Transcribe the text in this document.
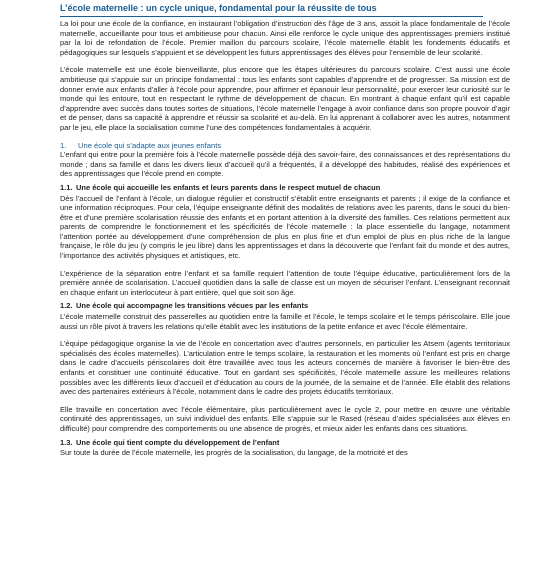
L’école maternelle : un cycle unique, fondamental pour la réussite de tous

La loi pour une école de la confiance, en instaurant l’obligation d’instruction dès l’âge de 3 ans, assoit la place fondamentale de l’école maternelle, accueillante pour tous et ambitieuse pour chacun. Ainsi elle renforce le cycle unique des apprentissages premiers institué par la loi de refondation de l’école. Premier maillon du parcours scolaire, l’école maternelle établit les fondements éducatifs et pédagogiques sur lesquels s’appuient et se développent les futurs apprentissages des élèves pour l’ensemble de leur scolarité.

L’école maternelle est une école bienveillante, plus encore que les étapes ultérieures du parcours scolaire. C’est aussi une école ambitieuse qui s’appuie sur un principe fondamental : tous les enfants sont capables d’apprendre et de progresser. Sa mission est de donner envie aux enfants d’aller à l’école pour apprendre, pour affirmer et épanouir leur personnalité, pour exercer leur curiosité sur le monde qui les entoure, tout en respectant le rythme de développement de chacun. En montrant à chaque enfant qu’il est capable d’apprendre avec succès dans toutes sortes de situations, l’école maternelle l’engage à avoir confiance dans son propre pouvoir d’agir et de penser, dans sa capacité à apprendre et réussir sa scolarité et au-delà. En lui apprenant à collaborer avec les autres, notamment par le jeu, elle place la socialisation comme l’une des compétences fondamentales à acquérir.

1. Une école qui s’adapte aux jeunes enfants

L’enfant qui entre pour la première fois à l’école maternelle possède déjà des savoir-faire, des connaissances et des représentations du monde ; dans sa famille et dans les divers lieux d’accueil qu’il a fréquentés, il a développé des habitudes, réalisé des expériences et des apprentissages que l’école prend en compte.

1.1. Une école qui accueille les enfants et leurs parents dans le respect mutuel de chacun

Dès l’accueil de l’enfant à l’école, un dialogue régulier et constructif s’établit entre enseignants et parents ; il exige de la confiance et une information réciproques. Pour cela, l’équipe enseignante définit des modalités de relations avec les parents, dans le souci du bien-être et d’une première scolarisation réussie des enfants et en portant attention à la diversité des familles. Ces relations permettent aux parents de comprendre le fonctionnement et les spécificités de l’école maternelle : la place essentielle du langage, notamment l’attention portée au développement d’une compréhension de plus en plus fine et d’un emploi de plus en plus riche de la langue française, le rôle du jeu (y compris le jeu libre) dans les apprentissages et dans la découverte que l’enfant fait du monde et des autres, l’importance des activités physiques et artistiques, etc.

L’expérience de la séparation entre l’enfant et sa famille requiert l’attention de toute l’équipe éducative, particulièrement lors de la première année de scolarisation. L’accueil quotidien dans la salle de classe est un moyen de sécuriser l’enfant. L’enseignant reconnait en chaque enfant un interlocuteur à part entière, quel que soit son âge.

1.2. Une école qui accompagne les transitions vécues par les enfants

L’école maternelle construit des passerelles au quotidien entre la famille et l’école, le temps scolaire et le temps périscolaire. Elle joue aussi un rôle pivot à travers les relations qu’elle établit avec les institutions de la petite enfance et avec l’école élémentaire.

L’équipe pédagogique organise la vie de l’école en concertation avec d’autres personnels, en particulier les Atsem (agents territoriaux spécialisés des écoles maternelles). L’articulation entre le temps scolaire, la restauration et les moments où l’enfant est pris en charge dans le cadre d’accueils périscolaires doit être travaillée avec tous les acteurs concernés de manière à favoriser le bien-être des enfants et constituer une continuité éducative. Tout en gardant ses spécificités, l’école maternelle assure les meilleures relations possibles avec les différents lieux d’accueil et d’éducation au cours de la journée, de la semaine et de l’année. Elle établit des relations avec des partenaires extérieurs à l’école, notamment dans le cadre des projets éducatifs territoriaux.

Elle travaille en concertation avec l’école élémentaire, plus particulièrement avec le cycle 2, pour mettre en œuvre une véritable continuité des apprentissages, un suivi individuel des enfants. Elle s’appuie sur le Rased (réseau d’aides spécialisées aux élèves en difficulté) pour comprendre des comportements ou une absence de progrès, et mieux aider les enfants dans ces situations.

1.3. Une école qui tient compte du développement de l’enfant

Sur toute la durée de l’école maternelle, les progrès de la socialisation, du langage, de la motricité et des
